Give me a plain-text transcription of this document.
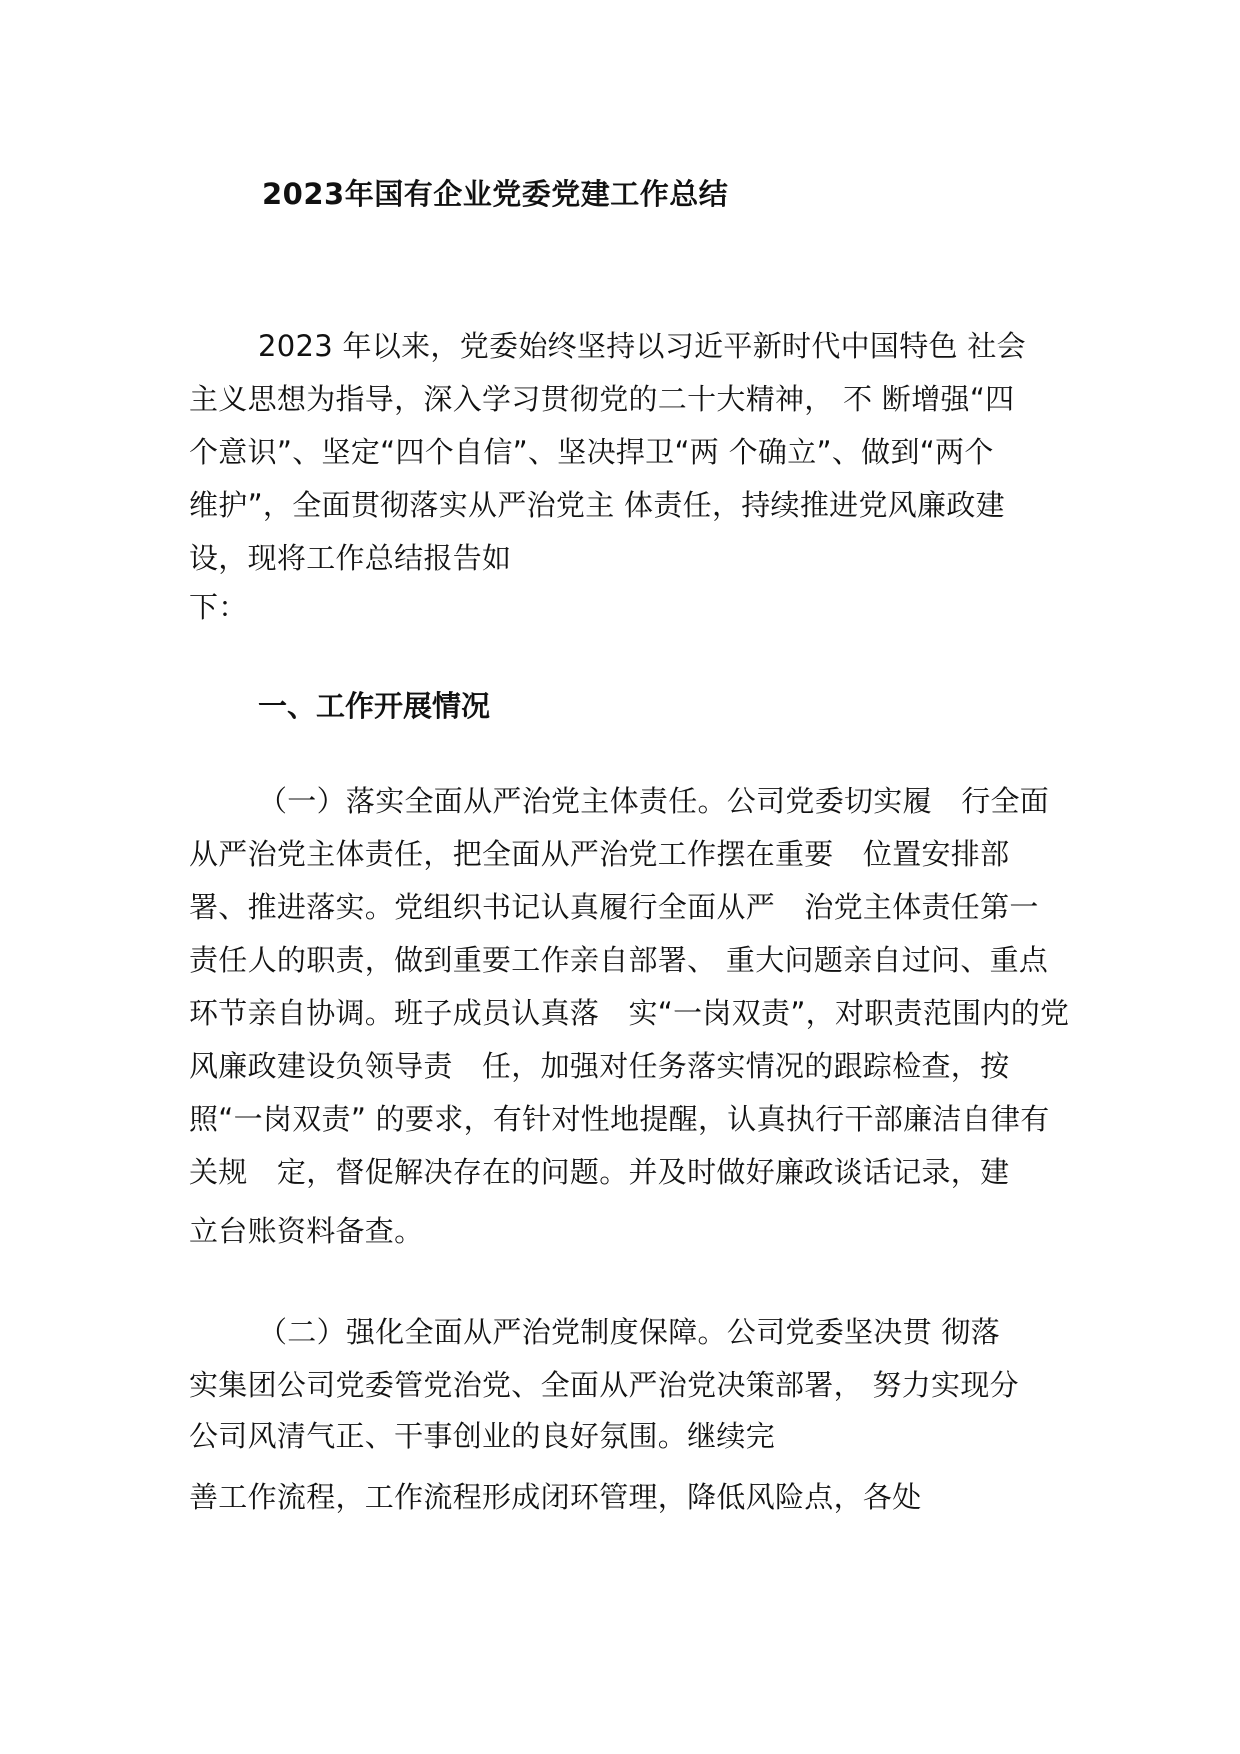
2023年国有企业党委党建工作总结
2023 年以来，党委始终坚持以习近平新时代中国特色 社会
主义思想为指导，深入学习贯彻党的二十大精神， 不 断增强“四
个意识”、坚定“四个自信”、坚决捍卫“两 个确立”、做到“两个
维护”，全面贯彻落实从严治党主 体责任，持续推进党风廉政建
设，现将工作总结报告如
下：
一、工作开展情况
（一）落实全面从严治党主体责任。公司党委切实履　行全面
从严治党主体责任，把全面从严治党工作摆在重要　位置安排部
署、推进落实。党组织书记认真履行全面从严　治党主体责任第一
责任人的职责，做到重要工作亲自部署、 重大问题亲自过问、重点
环节亲自协调。班子成员认真落　实“一岗双责”，对职责范围内的党
风廉政建设负领导责　任，加强对任务落实情况的跟踪检查，按
照“一岗双责” 的要求，有针对性地提醒，认真执行干部廉洁自律有
关规　定，督促解决存在的问题。并及时做好廉政谈话记录，建
立台账资料备查。
（二）强化全面从严治党制度保障。公司党委坚决贯 彻落
实集团公司党委管党治党、全面从严治党决策部署， 努力实现分
公司风清气正、干事创业的良好氛围。继续完
善工作流程，工作流程形成闭环管理，降低风险点，各处
